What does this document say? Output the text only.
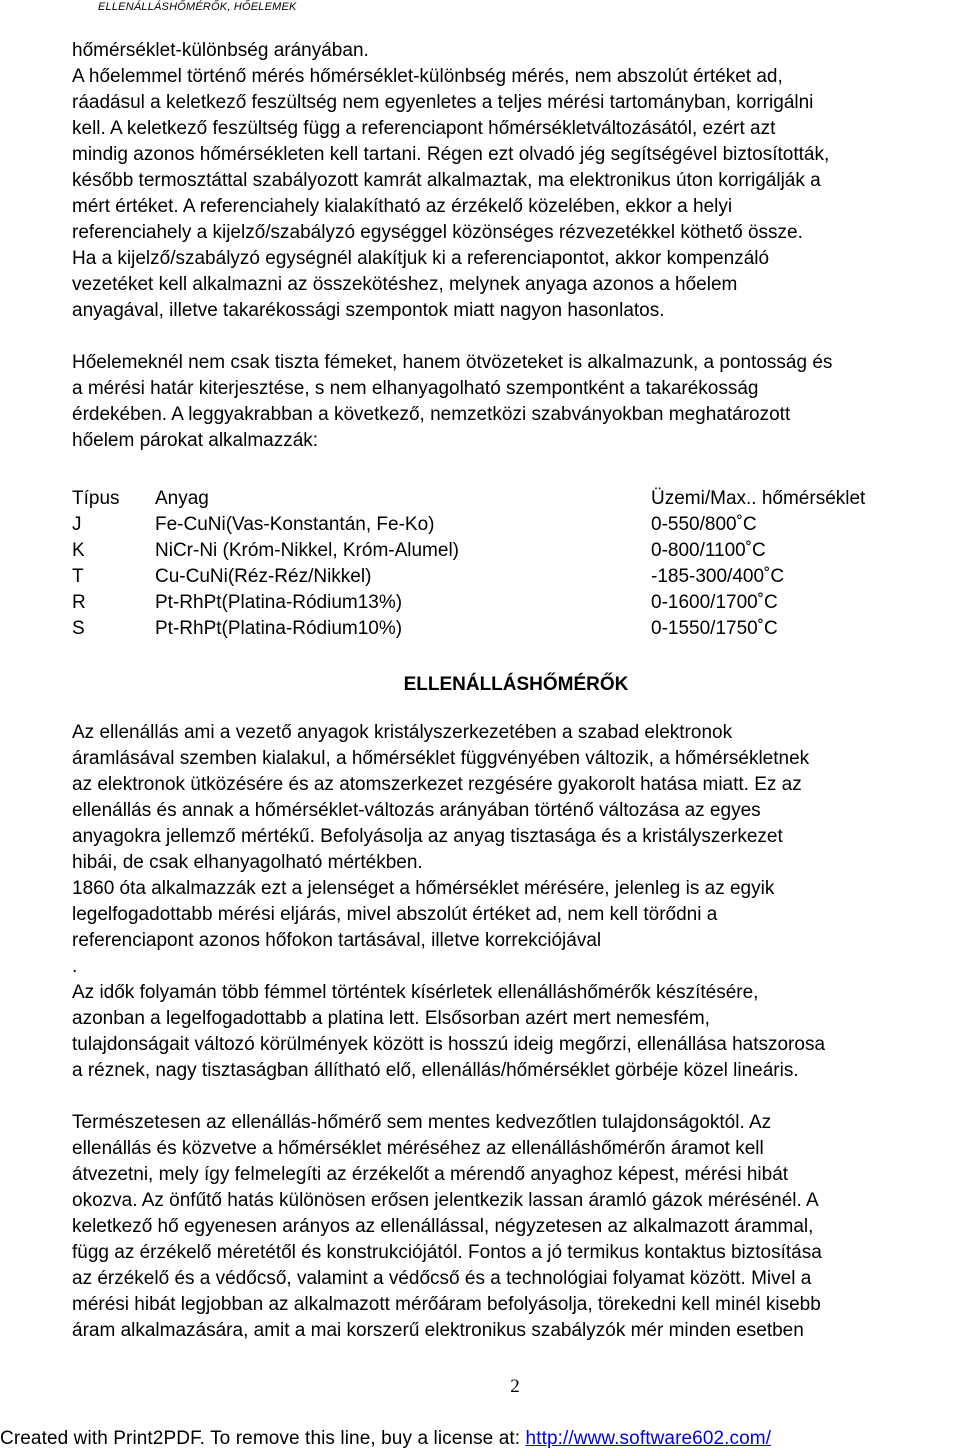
ELLENÁLLÁSHŐMÉRŐK, HŐELEMEK
hőmérséklet-különbség arányában.
A hőelemmel történő mérés hőmérséklet-különbség mérés, nem abszolút értéket ad,
ráadásul a keletkező feszültség nem egyenletes a teljes mérési tartományban, korrigálni
kell. A keletkező feszültség függ a referenciapont hőmérsékletváltozásától, ezért azt
mindig azonos hőmérsékleten kell tartani. Régen ezt olvadó jég segítségével biztosították,
később termosztáttal szabályozott kamrát alkalmaztak, ma elektronikus úton korrigálják a
mért értéket. A referenciahely kialakítható az érzékelő közelében, ekkor a helyi
referenciahely a kijelző/szabályzó egységgel közönséges rézvezetékkel köthető össze.
Ha a kijelző/szabályzó egységnél alakítjuk ki a referenciapontot, akkor kompenzáló
vezetéket kell alkalmazni az összekötéshez, melynek anyaga azonos a hőelem
anyagával, illetve takarékossági szempontok miatt nagyon hasonlatos.
Hőelemeknél nem csak tiszta fémeket, hanem ötvözeteket is alkalmazunk, a pontosság és
a mérési határ kiterjesztése, s nem elhanyagolható szempontként a takarékosság
érdekében. A leggyakrabban a következő, nemzetközi szabványokban meghatározott
hőelem párokat alkalmazzák:
Típus	Anyag	Üzemi/Max.. hőmérséklet
J	Fe-CuNi(Vas-Konstantán, Fe-Ko)	0-550/800˚C
K	NiCr-Ni (Króm-Nikkel, Króm-Alumel)	0-800/1100˚C
T	Cu-CuNi(Réz-Réz/Nikkel)	-185-300/400˚C
R	Pt-RhPt(Platina-Ródium13%)	0-1600/1700˚C
S	Pt-RhPt(Platina-Ródium10%)	0-1550/1750˚C
ELLENÁLLÁSHŐMÉRŐK
Az ellenállás ami a vezető anyagok kristályszerkezetében a szabad elektronok
áramlásával szemben kialakul, a hőmérséklet függvényében változik, a hőmérsékletnek
az elektronok ütközésére és az atomszerkezet rezgésére gyakorolt hatása miatt. Ez az
ellenállás és annak a hőmérséklet-változás arányában történő változása az egyes
anyagokra jellemző mértékű. Befolyásolja az anyag tisztasága és a kristályszerkezet
hibái, de csak elhanyagolható mértékben.
1860 óta alkalmazzák ezt a jelenséget a hőmérséklet mérésére, jelenleg is az egyik
legelfogadottabb mérési eljárás, mivel abszolút értéket ad, nem kell törődni a
referenciapont azonos hőfokon tartásával, illetve korrekciójával
.
Az idők folyamán több fémmel történtek kísérletek ellenálláshőmérők készítésére,
azonban a legelfogadottabb a platina lett. Elsősorban azért mert nemesfém,
tulajdonságait változó körülmények között is hosszú ideig megőrzi, ellenállása hatszorosa
a réznek, nagy tisztaságban állítható elő, ellenállás/hőmérséklet görbéje közel lineáris.
Természetesen az ellenállás-hőmérő sem mentes kedvezőtlen tulajdonságoktól. Az
ellenállás és közvetve a hőmérséklet méréséhez az ellenálláshőmérőn áramot kell
átvezetni, mely így felmelegíti az érzékelőt a mérendő anyaghoz képest, mérési hibát
okozva. Az önfűtő hatás különösen erősen jelentkezik lassan áramló gázok mérésénél. A
keletkező hő egyenesen arányos az ellenállással, négyzetesen az alkalmazott árammal,
függ az érzékelő méretétől és konstrukciójától. Fontos a jó termikus kontaktus biztosítása
az érzékelő és a védőcső, valamint a védőcső és a technológiai folyamat között. Mivel a
mérési hibát legjobban az alkalmazott mérőáram befolyásolja, törekedni kell minél kisebb
áram alkalmazására, amit a mai korszerű elektronikus szabályzók mér minden esetben
2
Created with Print2PDF. To remove this line, buy a license at: http://www.software602.com/
